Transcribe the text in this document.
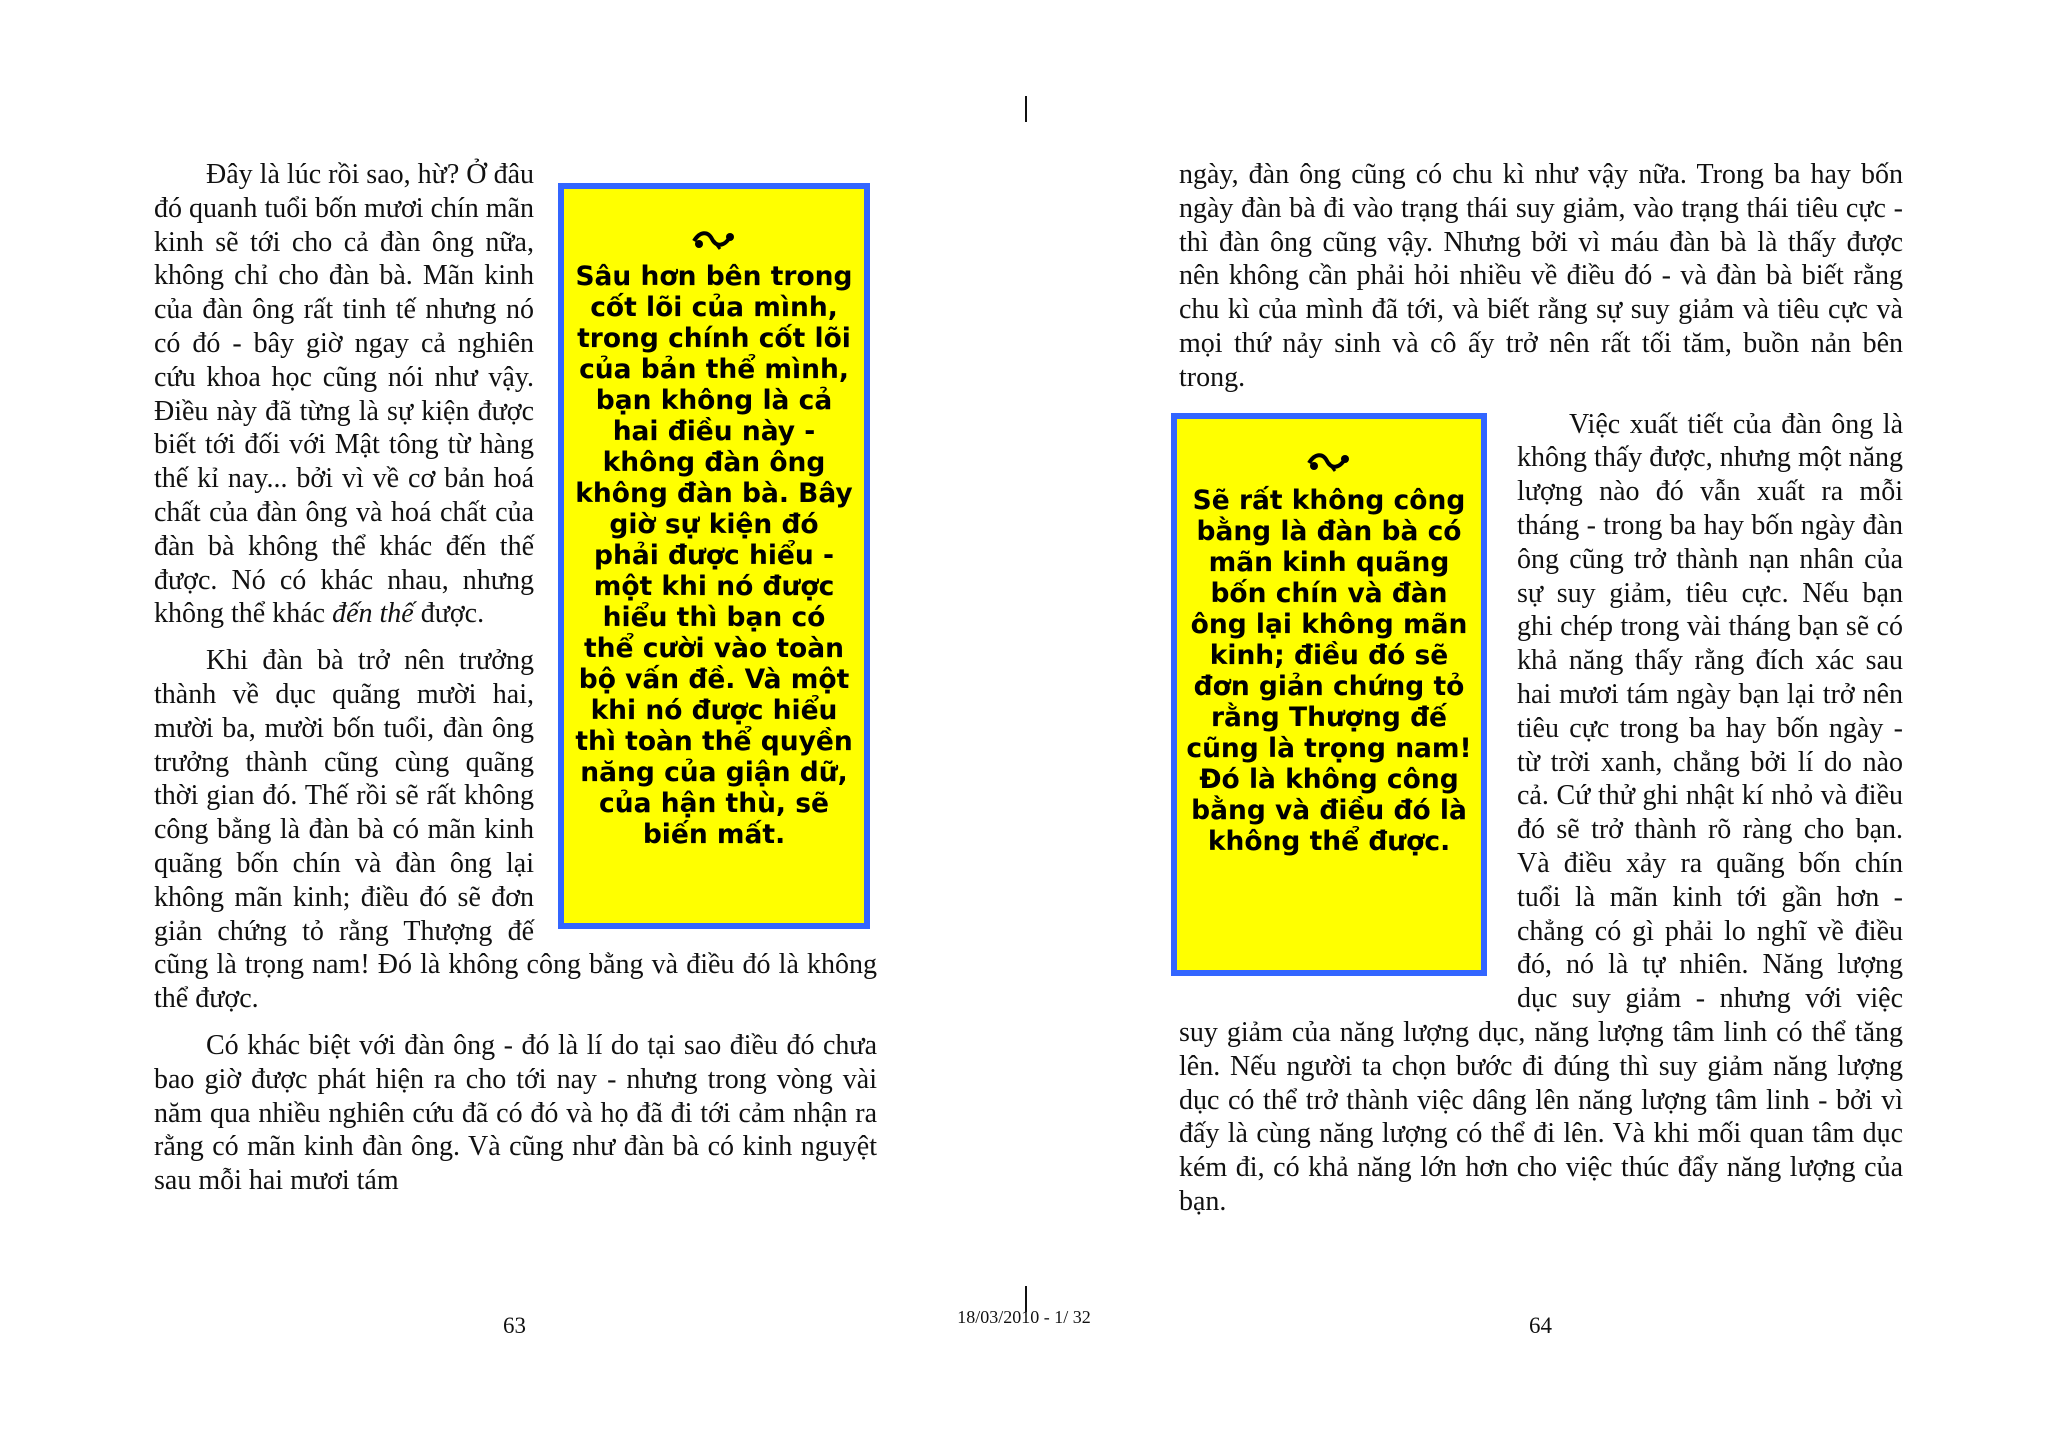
Đây là lúc rồi sao, hừ? Ở đâu đó quanh tuổi bốn mươi chín mãn kinh sẽ tới cho cả đàn ông nữa, không chỉ cho đàn bà. Mãn kinh của đàn ông rất tinh tế nhưng nó có đó - bây giờ ngay cả nghiên cứu khoa học cũng nói như vậy. Điều này đã từng là sự kiện được biết tới đối với Mật tông từ hàng thế kỉ nay... bởi vì về cơ bản hoá chất của đàn ông và hoá chất của đàn bà không thể khác đến thế được. Nó có khác nhau, nhưng không thể khác đến thế được.

Khi đàn bà trở nên trưởng thành về dục quãng mười hai, mười ba, mười bốn tuổi, đàn ông trưởng thành cũng cùng quãng thời gian đó. Thế rồi sẽ rất không công bằng là đàn bà có mãn kinh quãng bốn chín và đàn ông lại không mãn kinh; điều đó sẽ đơn giản chứng tỏ rằng Thượng đế cũng là trọng nam! Đó là không công bằng và điều đó là không thể được.

Có khác biệt với đàn ông - đó là lí do tại sao điều đó chưa bao giờ được phát hiện ra cho tới nay - nhưng trong vòng vài năm qua nhiều nghiên cứu đã có đó và họ đã đi tới cảm nhận ra rằng có mãn kinh đàn ông. Và cũng như đàn bà có kinh nguyệt sau mỗi hai mươi tám

Sâu hơn bên trong cốt lõi của mình, trong chính cốt lõi của bản thể mình, bạn không là cả hai điều này - không đàn ông không đàn bà. Bây giờ sự kiện đó phải được hiểu - một khi nó được hiểu thì bạn có thể cười vào toàn bộ vấn đề. Và một khi nó được hiểu thì toàn thể quyền năng của giận dữ, của hận thù, sẽ biến mất.
63

ngày, đàn ông cũng có chu kì như vậy nữa. Trong ba hay bốn ngày đàn bà đi vào trạng thái suy giảm, vào trạng thái tiêu cực - thì đàn ông cũng vậy. Nhưng bởi vì máu đàn bà là thấy được nên không cần phải hỏi nhiều về điều đó - và đàn bà biết rằng chu kì của mình đã tới, và biết rằng sự suy giảm và tiêu cực và mọi thứ nảy sinh và cô ấy trở nên rất tối tăm, buồn nản bên trong.

Việc xuất tiết của đàn ông là không thấy được, nhưng một năng lượng nào đó vẫn xuất ra mỗi tháng - trong ba hay bốn ngày đàn ông cũng trở thành nạn nhân của sự suy giảm, tiêu cực. Nếu bạn ghi chép trong vài tháng bạn sẽ có khả năng thấy rằng đích xác sau hai mươi tám ngày bạn lại trở nên tiêu cực trong ba hay bốn ngày - từ trời xanh, chẳng bởi lí do nào cả. Cứ thử ghi nhật kí nhỏ và điều đó sẽ trở thành rõ ràng cho bạn. Và điều xảy ra quãng bốn chín tuổi là mãn kinh tới gần hơn - chẳng có gì phải lo nghĩ về điều đó, nó là tự nhiên. Năng lượng dục suy giảm - nhưng với việc suy giảm của năng lượng dục, năng lượng tâm linh có thể tăng lên. Nếu người ta chọn bước đi đúng thì suy giảm năng lượng dục có thể trở thành việc dâng lên năng lượng tâm linh - bởi vì đấy là cùng năng lượng có thể đi lên. Và khi mối quan tâm dục kém đi, có khả năng lớn hơn cho việc thúc đẩy năng lượng của bạn.

Sẽ rất không công bằng là đàn bà có mãn kinh quãng bốn chín và đàn ông lại không mãn kinh; điều đó sẽ đơn giản chứng tỏ rằng Thượng đế cũng là trọng nam! Đó là không công bằng và điều đó là không thể được.
64
18/03/2010 - 1/ 32
